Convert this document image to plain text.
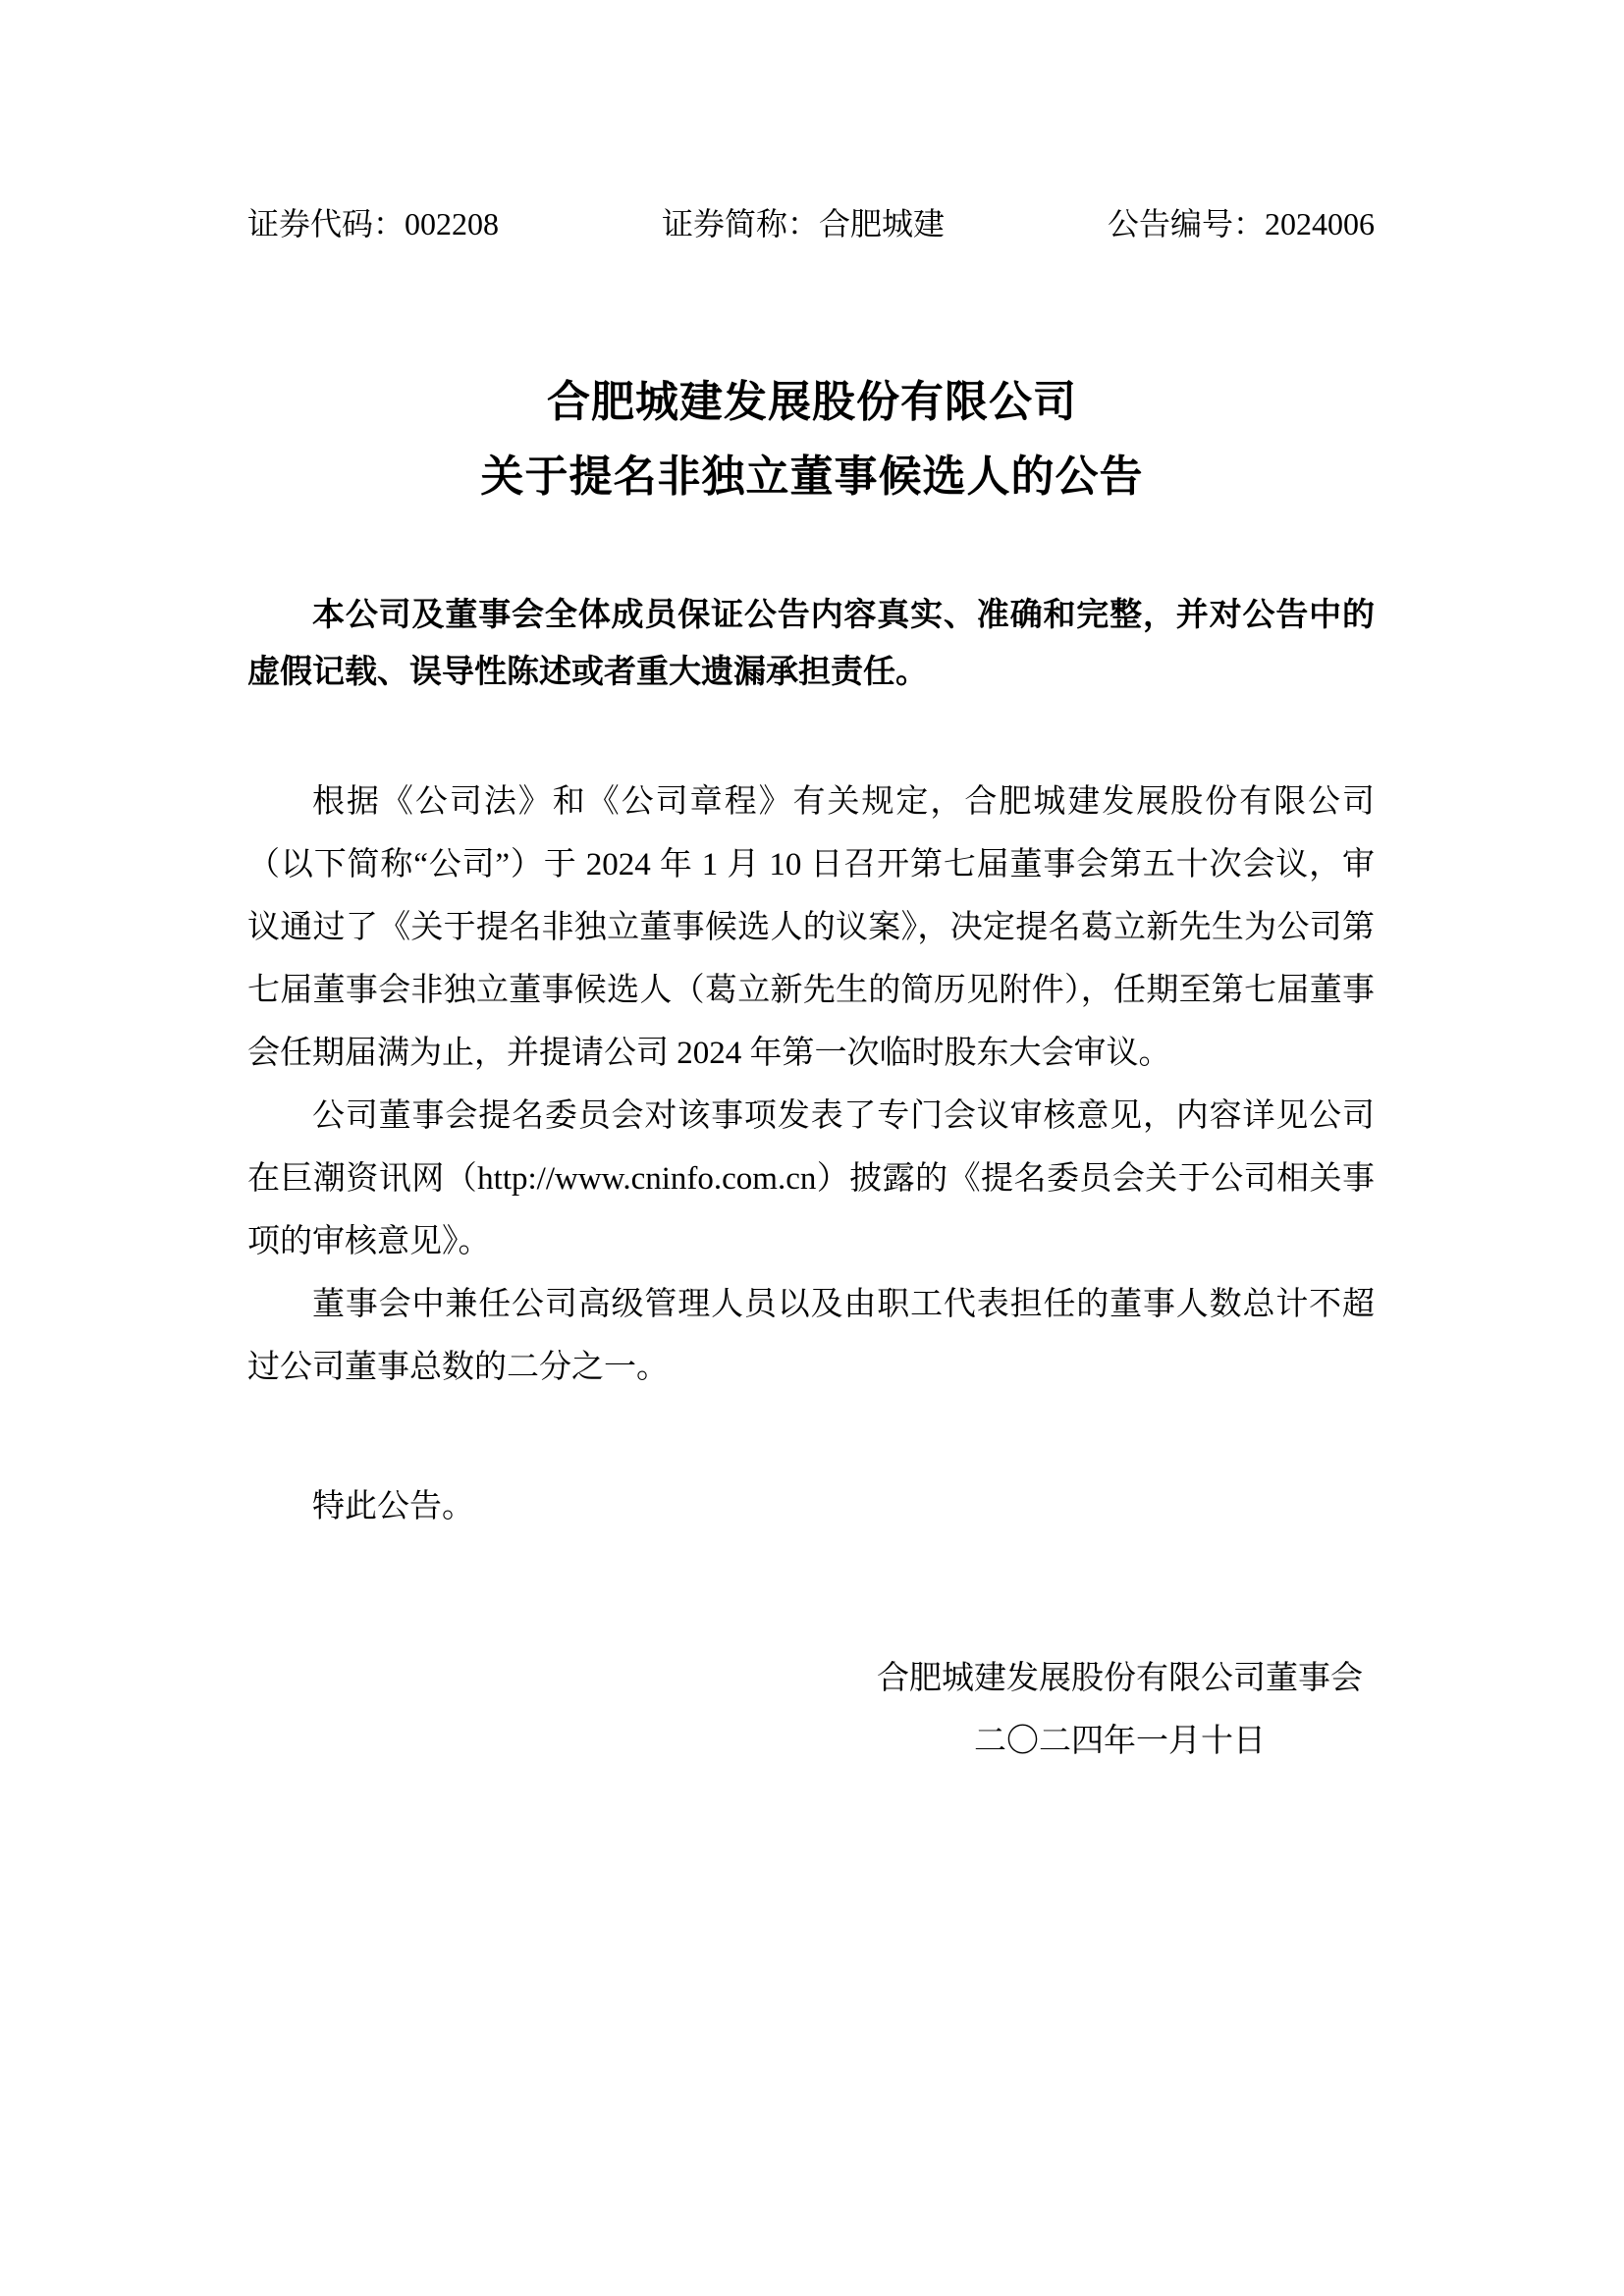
证券代码：002208	证券简称：合肥城建	公告编号：2024006
合肥城建发展股份有限公司
关于提名非独立董事候选人的公告
本公司及董事会全体成员保证公告内容真实、准确和完整，并对公告中的虚假记载、误导性陈述或者重大遗漏承担责任。

根据《公司法》和《公司章程》有关规定，合肥城建发展股份有限公司（以下简称“公司”）于 2024 年 1 月 10 日召开第七届董事会第五十次会议，审议通过了《关于提名非独立董事候选人的议案》，决定提名葛立新先生为公司第七届董事会非独立董事候选人（葛立新先生的简历见附件），任期至第七届董事会任期届满为止，并提请公司 2024 年第一次临时股东大会审议。

公司董事会提名委员会对该事项发表了专门会议审核意见，内容详见公司在巨潮资讯网（http://www.cninfo.com.cn）披露的《提名委员会关于公司相关事项的审核意见》。

董事会中兼任公司高级管理人员以及由职工代表担任的董事人数总计不超过公司董事总数的二分之一。

特此公告。
合肥城建发展股份有限公司董事会
二〇二四年一月十日
